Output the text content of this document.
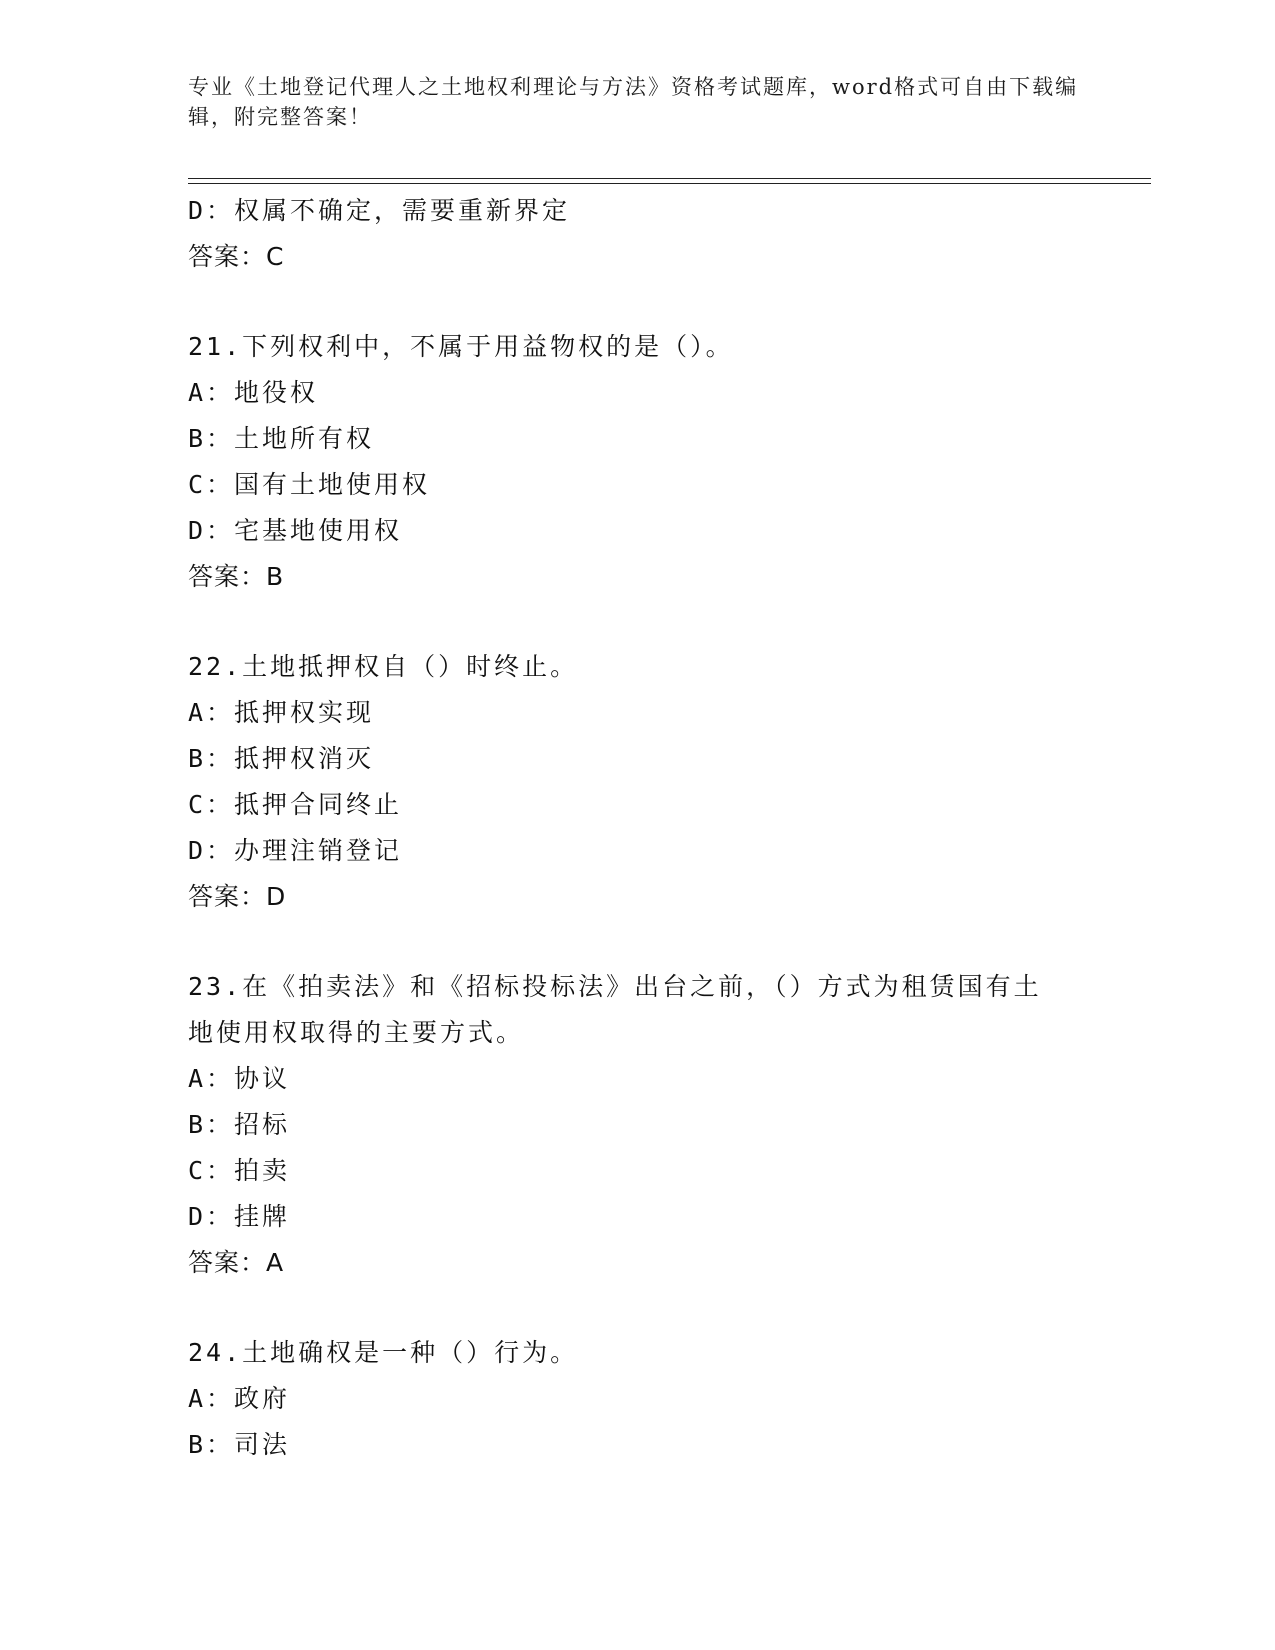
专业《土地登记代理人之土地权利理论与方法》资格考试题库，word格式可自由下载编辑，附完整答案！
D：权属不确定，需要重新界定
答案：C
21.下列权利中，不属于用益物权的是（）。
A：地役权
B：土地所有权
C：国有土地使用权
D：宅基地使用权
答案：B
22.土地抵押权自（）时终止。
A：抵押权实现
B：抵押权消灭
C：抵押合同终止
D：办理注销登记
答案：D
23.在《拍卖法》和《招标投标法》出台之前，（）方式为租赁国有土
地使用权取得的主要方式。
A：协议
B：招标
C：拍卖
D：挂牌
答案：A
24.土地确权是一种（）行为。
A：政府
B：司法
